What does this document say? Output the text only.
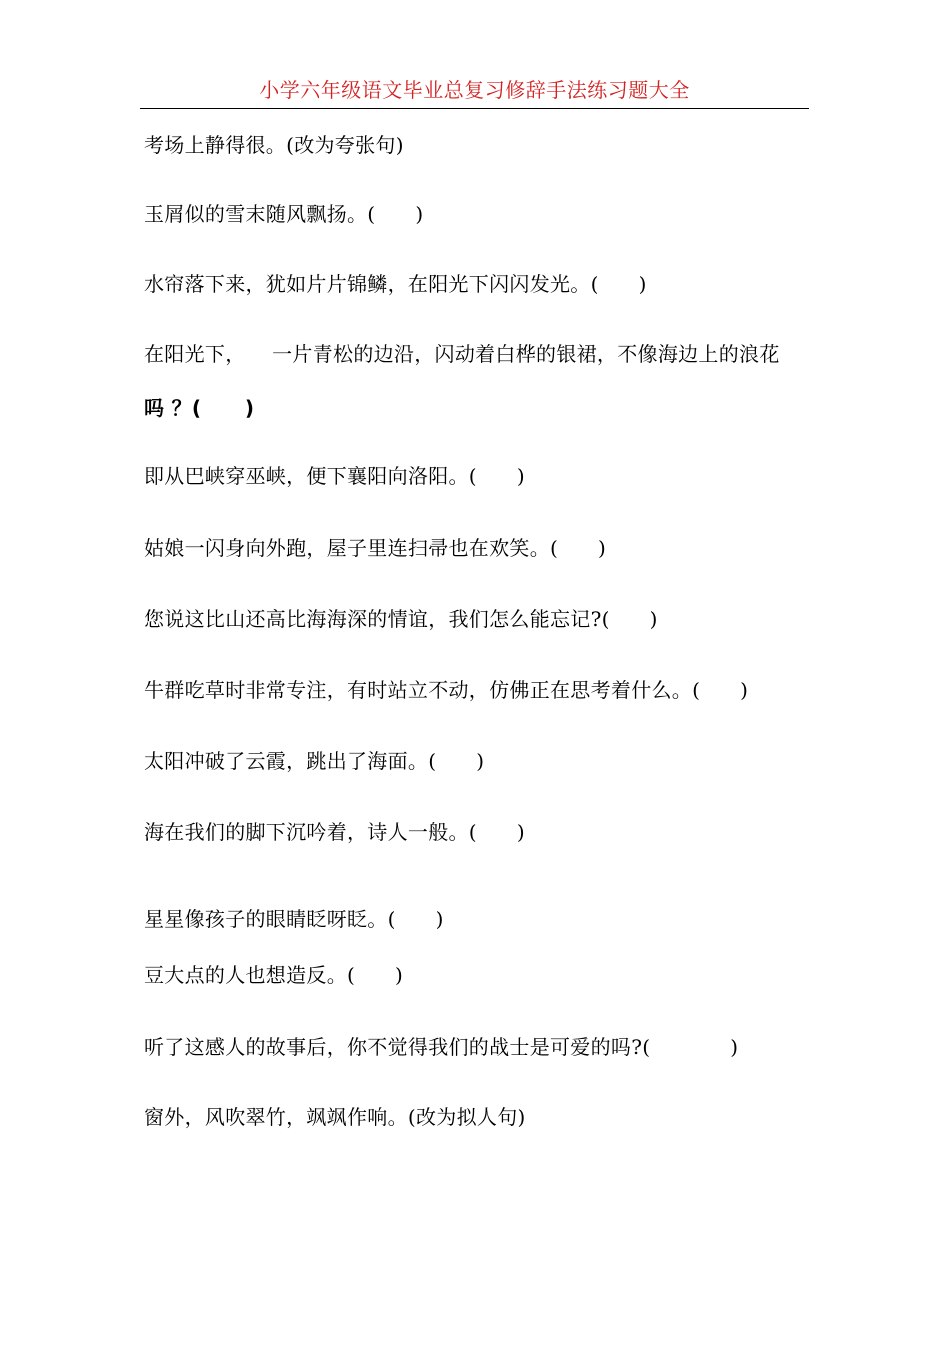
小学六年级语文毕业总复习修辞手法练习题大全
考场上静得很。(改为夸张句)
玉屑似的雪末随风飘扬。(      )
水帘落下来，犹如片片锦鳞，在阳光下闪闪发光。(      )
在阳光下，    一片青松的边沿，闪动着白桦的银裙，不像海边上的浪花
吗 ？(      )
即从巴峡穿巫峡，便下襄阳向洛阳。(      )
姑娘一闪身向外跑，屋子里连扫帚也在欢笑。(      )
您说这比山还高比海海深的情谊，我们怎么能忘记?(      )
牛群吃草时非常专注，有时站立不动，仿佛正在思考着什么。(      )
太阳冲破了云霞，跳出了海面。(      )
海在我们的脚下沉吟着，诗人一般。(      )
星星像孩子的眼睛眨呀眨。(      )
豆大点的人也想造反。(      )
听了这感人的故事后，你不觉得我们的战士是可爱的吗?(            )
窗外，风吹翠竹，飒飒作响。(改为拟人句)
